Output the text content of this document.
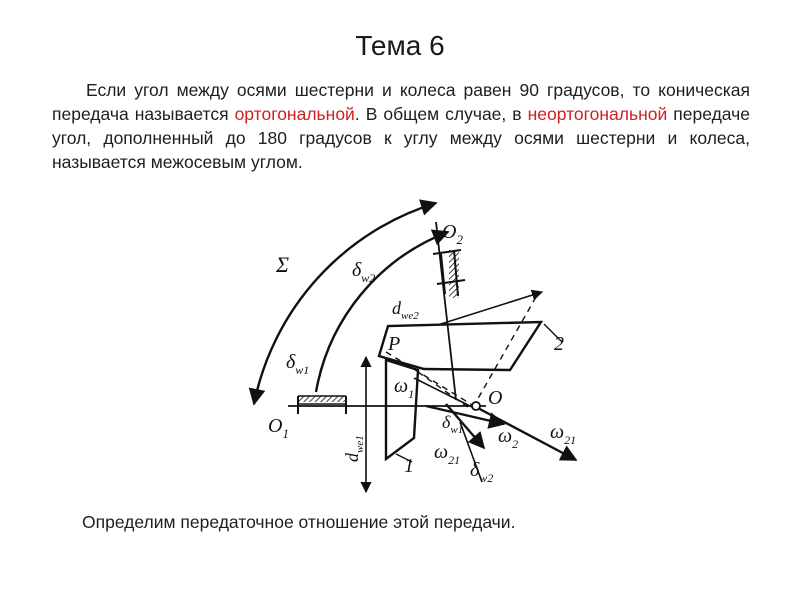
Тема 6
Если угол между осями шестерни и колеса равен 90 градусов, то коническая передача называется ортогональной. В общем случае, в неортогональной передаче угол, дополненный до 180 градусов к углу между осями шестерни и колеса, называется межосевым углом.
$O_2$
Σ	$\delta_{w2}$
$d_{we2}$
P	2
$\delta_{w1}$
$\omega_1$	O
$O_1$
$d_{we1}$
$\delta_{w1}$ $\omega_2$
$\omega_{21}$
$\omega_{21}$ $\delta_{w2}$
1
Определим передаточное отношение этой передачи.
